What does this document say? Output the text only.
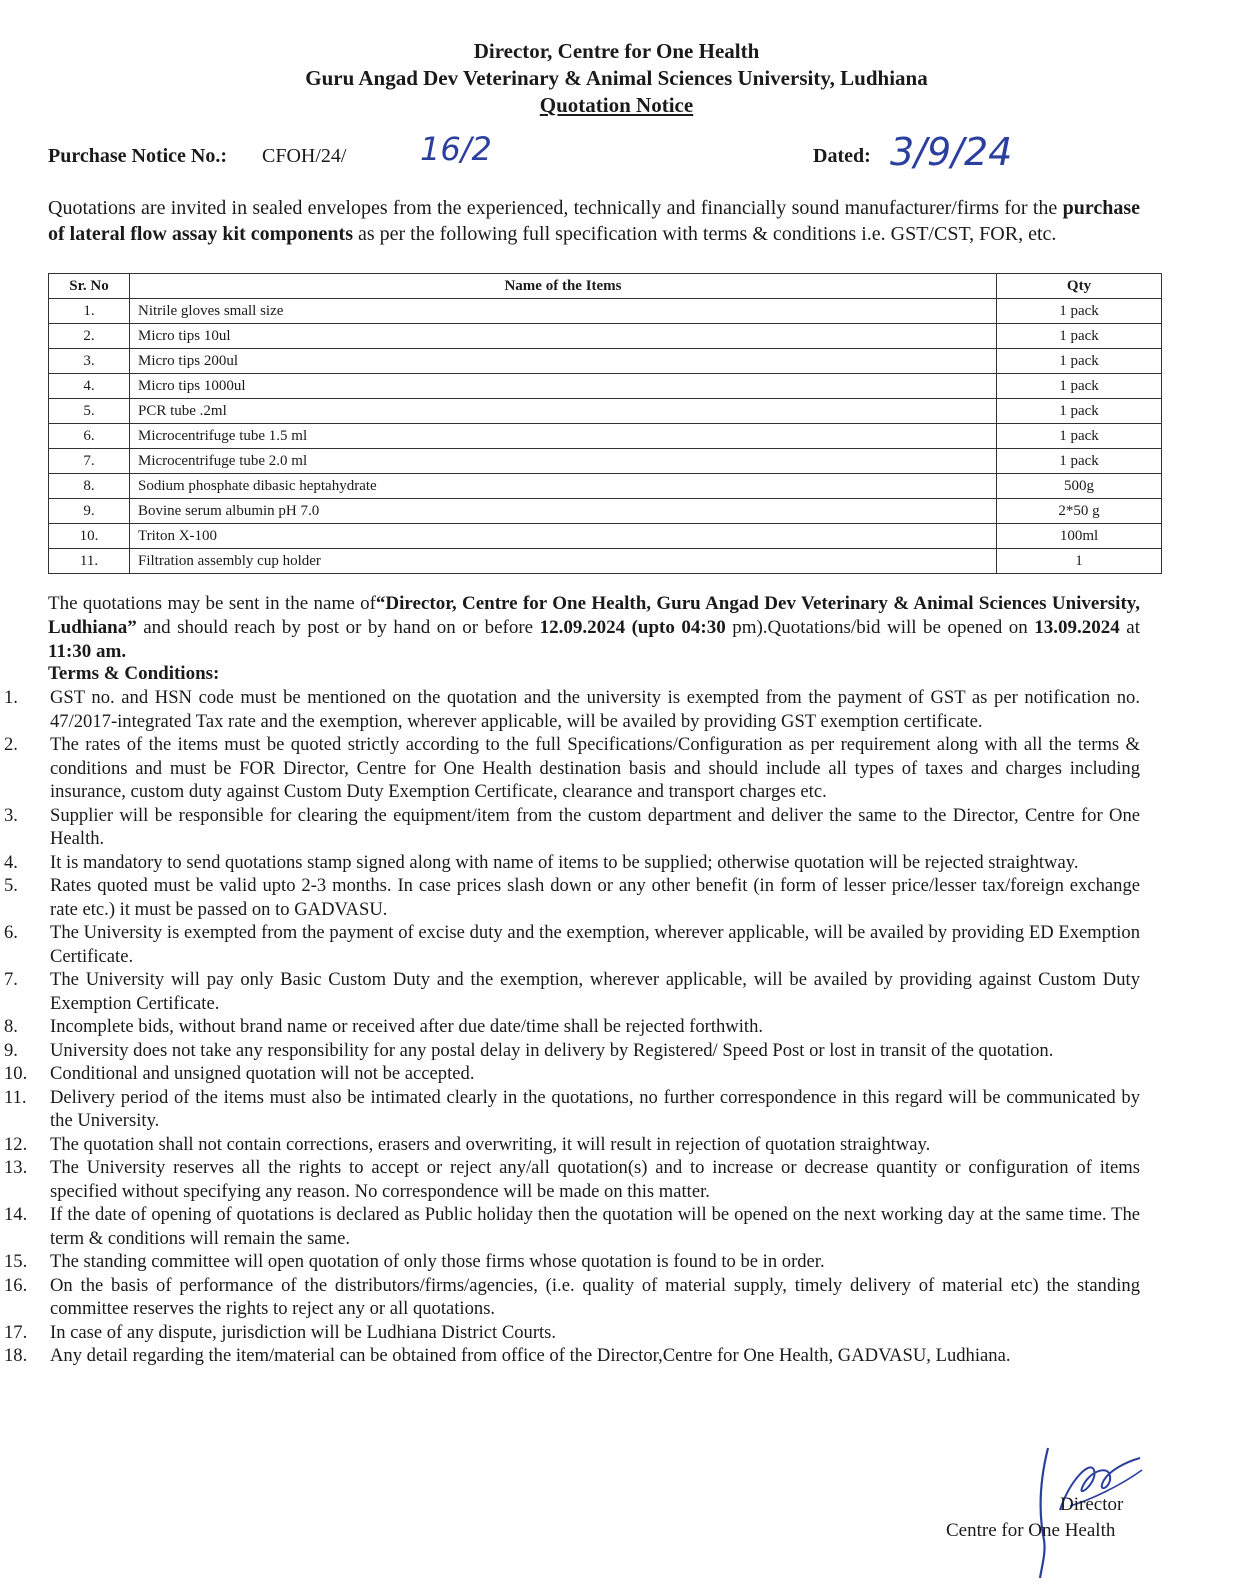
Director, Centre for One Health
Guru Angad Dev Veterinary & Animal Sciences University, Ludhiana
Quotation Notice
Purchase Notice No.: CFOH/24/ 16/2	Dated: 3/9/24
Quotations are invited in sealed envelopes from the experienced, technically and financially sound manufacturer/firms for the purchase of lateral flow assay kit components as per the following full specification with terms & conditions i.e. GST/CST, FOR, etc.
Sr. No	Name of the Items	Qty
1.	Nitrile gloves small size	1 pack
2.	Micro tips 10ul	1 pack
3.	Micro tips 200ul	1 pack
4.	Micro tips 1000ul	1 pack
5.	PCR tube .2ml	1 pack
6.	Microcentrifuge tube 1.5 ml	1 pack
7.	Microcentrifuge tube 2.0 ml	1 pack
8.	Sodium phosphate dibasic heptahydrate	500g
9.	Bovine serum albumin pH 7.0	2*50 g
10.	Triton X-100	100ml
11.	Filtration assembly cup holder	1
The quotations may be sent in the name of“Director, Centre for One Health, Guru Angad Dev Veterinary & Animal Sciences University, Ludhiana” and should reach by post or by hand on or before 12.09.2024 (upto 04:30 pm).Quotations/bid will be opened on 13.09.2024 at 11:30 am.
Terms & Conditions:
1. GST no. and HSN code must be mentioned on the quotation and the university is exempted from the payment of GST as per notification no. 47/2017-integrated Tax rate and the exemption, wherever applicable, will be availed by providing GST exemption certificate.
2. The rates of the items must be quoted strictly according to the full Specifications/Configuration as per requirement along with all the terms & conditions and must be FOR Director, Centre for One Health destination basis and should include all types of taxes and charges including insurance, custom duty against Custom Duty Exemption Certificate, clearance and transport charges etc.
3. Supplier will be responsible for clearing the equipment/item from the custom department and deliver the same to the Director, Centre for One Health.
4. It is mandatory to send quotations stamp signed along with name of items to be supplied; otherwise quotation will be rejected straightway.
5. Rates quoted must be valid upto 2-3 months. In case prices slash down or any other benefit (in form of lesser price/lesser tax/foreign exchange rate etc.) it must be passed on to GADVASU.
6. The University is exempted from the payment of excise duty and the exemption, wherever applicable, will be availed by providing ED Exemption Certificate.
7. The University will pay only Basic Custom Duty and the exemption, wherever applicable, will be availed by providing against Custom Duty Exemption Certificate.
8. Incomplete bids, without brand name or received after due date/time shall be rejected forthwith.
9. University does not take any responsibility for any postal delay in delivery by Registered/ Speed Post or lost in transit of the quotation.
10. Conditional and unsigned quotation will not be accepted.
11. Delivery period of the items must also be intimated clearly in the quotations, no further correspondence in this regard will be communicated by the University.
12. The quotation shall not contain corrections, erasers and overwriting, it will result in rejection of quotation straightway.
13. The University reserves all the rights to accept or reject any/all quotation(s) and to increase or decrease quantity or configuration of items specified without specifying any reason. No correspondence will be made on this matter.
14. If the date of opening of quotations is declared as Public holiday then the quotation will be opened on the next working day at the same time. The term & conditions will remain the same.
15. The standing committee will open quotation of only those firms whose quotation is found to be in order.
16. On the basis of performance of the distributors/firms/agencies, (i.e. quality of material supply, timely delivery of material etc) the standing committee reserves the rights to reject any or all quotations.
17. In case of any dispute, jurisdiction will be Ludhiana District Courts.
18. Any detail regarding the item/material can be obtained from office of the Director,Centre for One Health, GADVASU, Ludhiana.
Director
Centre for One Health
